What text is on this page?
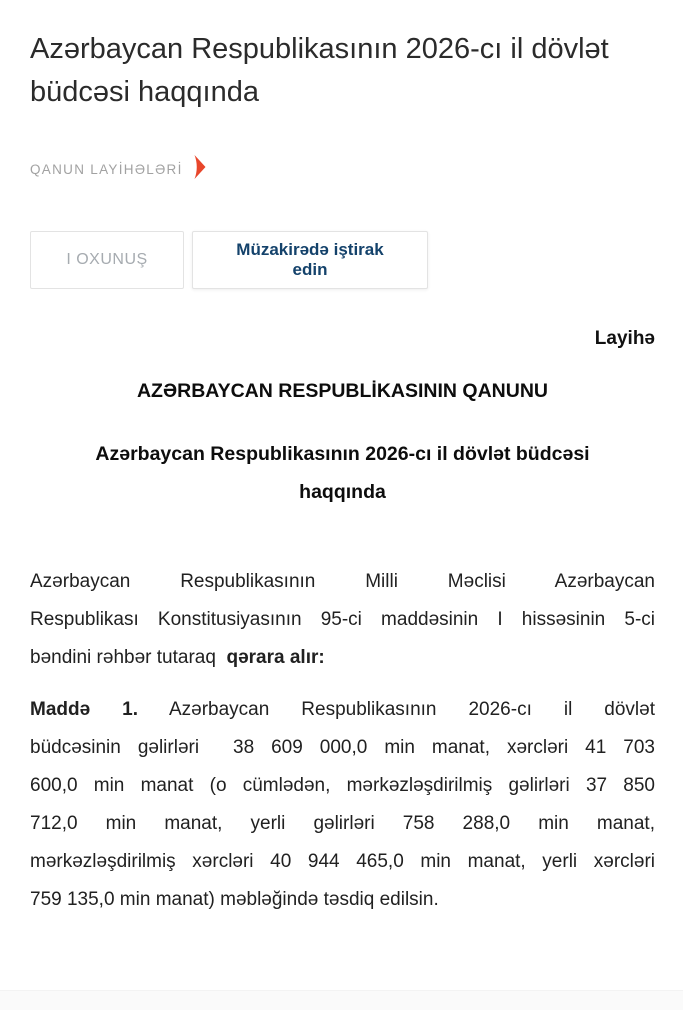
Azərbaycan Respublikasının 2026-cı il dövlət büdcəsi haqqında
QANUN LAYİHƏLƏRİ
I OXUNUŞ
Müzakirədə iştirak edin
Layihə
AZƏRBAYCAN RESPUBLİKASININ QANUNU
Azərbaycan Respublikasının 2026-cı il dövlət büdcəsi
haqqında
Azərbaycan Respublikasının Milli Məclisi Azərbaycan
Respublikası Konstitusiyasının 95-ci maddəsinin I hissəsinin 5-ci
bəndini rəhbər tutaraq  qərara alır:
Maddə 1. Azərbaycan Respublikasının 2026-cı il dövlət
büdcəsinin gəlirləri  38 609 000,0 min manat, xərcləri 41 703
600,0 min manat (o cümlədən, mərkəzləşdirilmiş gəlirləri 37 850
712,0 min manat, yerli gəlirləri 758 288,0 min manat,
mərkəzləşdirilmiş xərcləri 40 944 465,0 min manat, yerli xərcləri
759 135,0 min manat) məbləğində təsdiq edilsin.
